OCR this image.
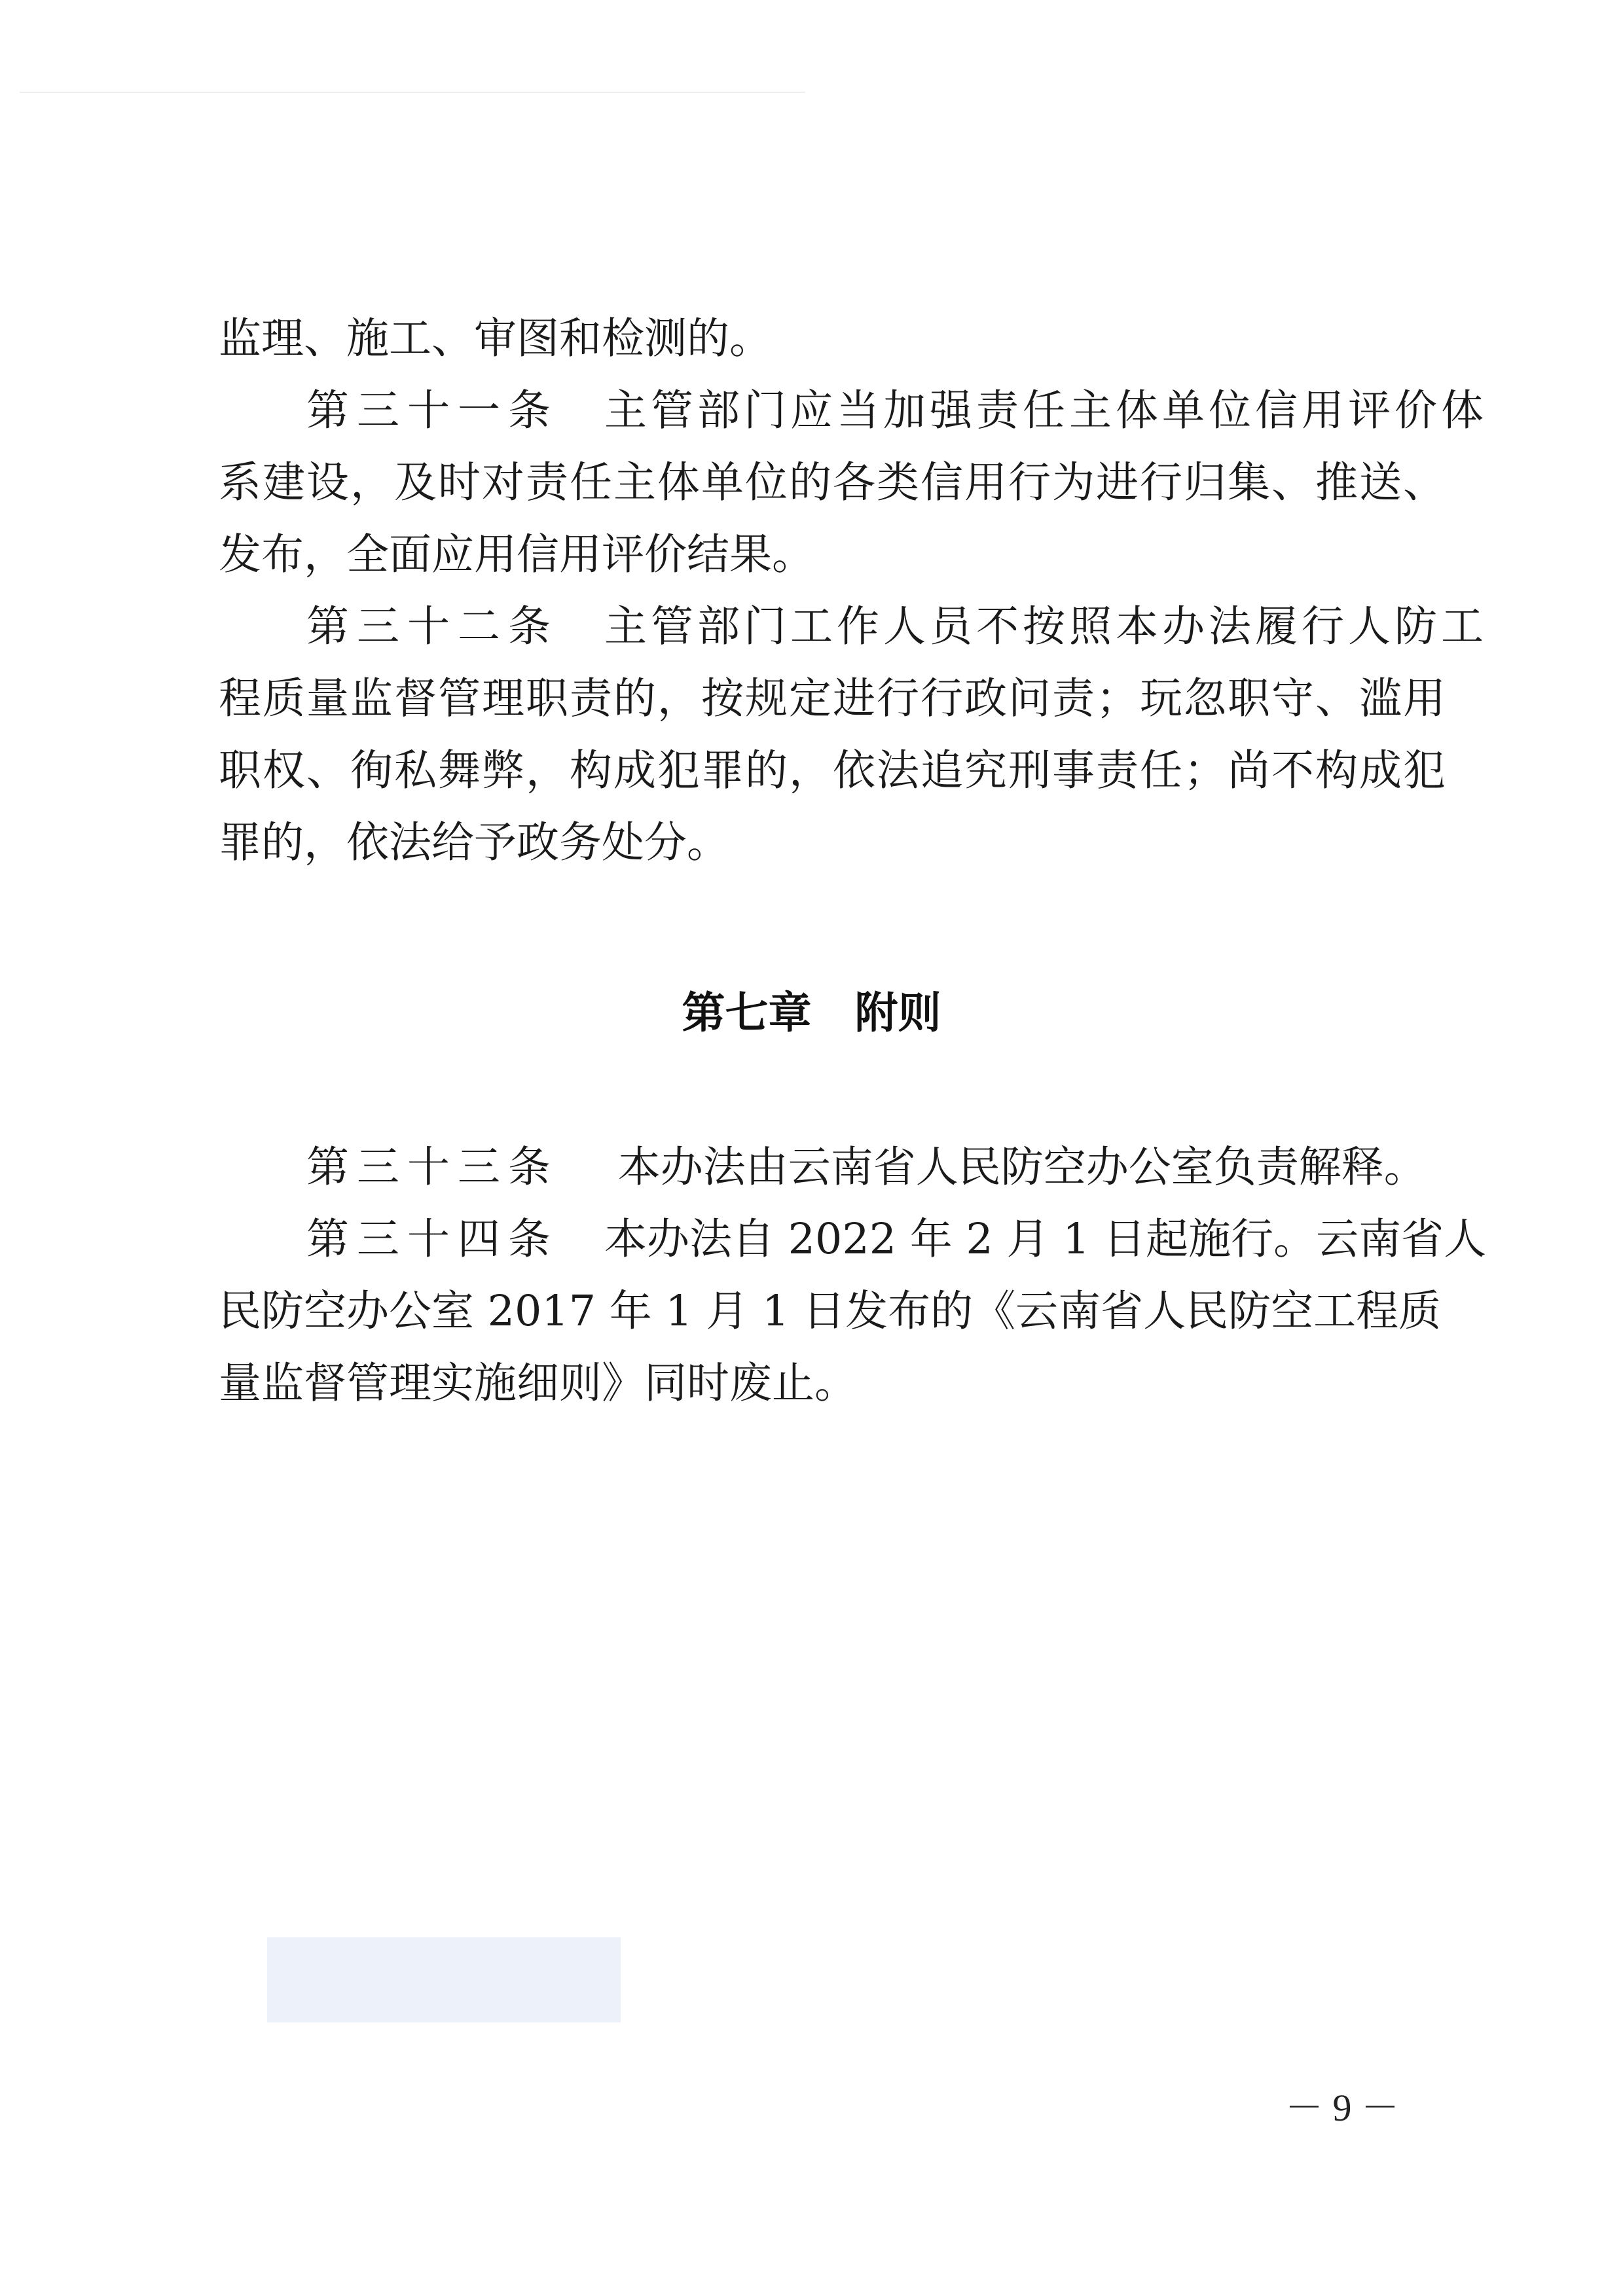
监理、施工、审图和检测的。
第三十一条 主管部门应当加强责任主体单位信用评价体
系建设，及时对责任主体单位的各类信用行为进行归集、推送、
发布，全面应用信用评价结果。
第三十二条 主管部门工作人员不按照本办法履行人防工
程质量监督管理职责的，按规定进行行政问责；玩忽职守、滥用
职权、徇私舞弊，构成犯罪的，依法追究刑事责任；尚不构成犯
罪的，依法给予政务处分。
第七章　附则
第三十三条 本办法由云南省人民防空办公室负责解释。
第三十四条 本办法自 2022 年 2 月 1 日起施行。云南省人
民防空办公室 2017 年 1 月 1 日发布的《云南省人民防空工程质
量监督管理实施细则》同时废止。
－ 9 －
